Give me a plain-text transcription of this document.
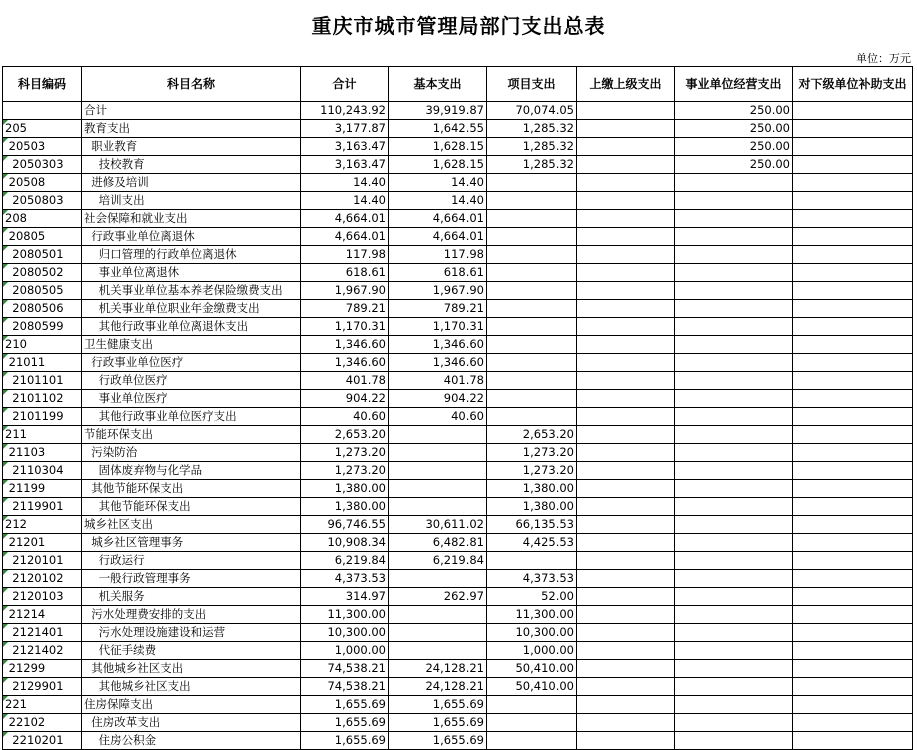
重庆市城市管理局部门支出总表
单位：万元
科目编码	科目名称	合计	基本支出	项目支出	上缴上级支出	事业单位经营支出	对下级单位补助支出
	合计	110,243.92	39,919.87	70,074.05		250.00	
205	教育支出	3,177.87	1,642.55	1,285.32		250.00	
20503	职业教育	3,163.47	1,628.15	1,285.32		250.00	
2050303	技校教育	3,163.47	1,628.15	1,285.32		250.00	
20508	进修及培训	14.40	14.40				
2050803	培训支出	14.40	14.40				
208	社会保障和就业支出	4,664.01	4,664.01				
20805	行政事业单位离退休	4,664.01	4,664.01				
2080501	归口管理的行政单位离退休	117.98	117.98				
2080502	事业单位离退休	618.61	618.61				
2080505	机关事业单位基本养老保险缴费支出	1,967.90	1,967.90				
2080506	机关事业单位职业年金缴费支出	789.21	789.21				
2080599	其他行政事业单位离退休支出	1,170.31	1,170.31				
210	卫生健康支出	1,346.60	1,346.60				
21011	行政事业单位医疗	1,346.60	1,346.60				
2101101	行政单位医疗	401.78	401.78				
2101102	事业单位医疗	904.22	904.22				
2101199	其他行政事业单位医疗支出	40.60	40.60				
211	节能环保支出	2,653.20		2,653.20			
21103	污染防治	1,273.20		1,273.20			
2110304	固体废弃物与化学品	1,273.20		1,273.20			
21199	其他节能环保支出	1,380.00		1,380.00			
2119901	其他节能环保支出	1,380.00		1,380.00			
212	城乡社区支出	96,746.55	30,611.02	66,135.53			
21201	城乡社区管理事务	10,908.34	6,482.81	4,425.53			
2120101	行政运行	6,219.84	6,219.84				
2120102	一般行政管理事务	4,373.53		4,373.53			
2120103	机关服务	314.97	262.97	52.00			
21214	污水处理费安排的支出	11,300.00		11,300.00			
2121401	污水处理设施建设和运营	10,300.00		10,300.00			
2121402	代征手续费	1,000.00		1,000.00			
21299	其他城乡社区支出	74,538.21	24,128.21	50,410.00			
2129901	其他城乡社区支出	74,538.21	24,128.21	50,410.00			
221	住房保障支出	1,655.69	1,655.69				
22102	住房改革支出	1,655.69	1,655.69				
2210201	住房公积金	1,655.69	1,655.69				
